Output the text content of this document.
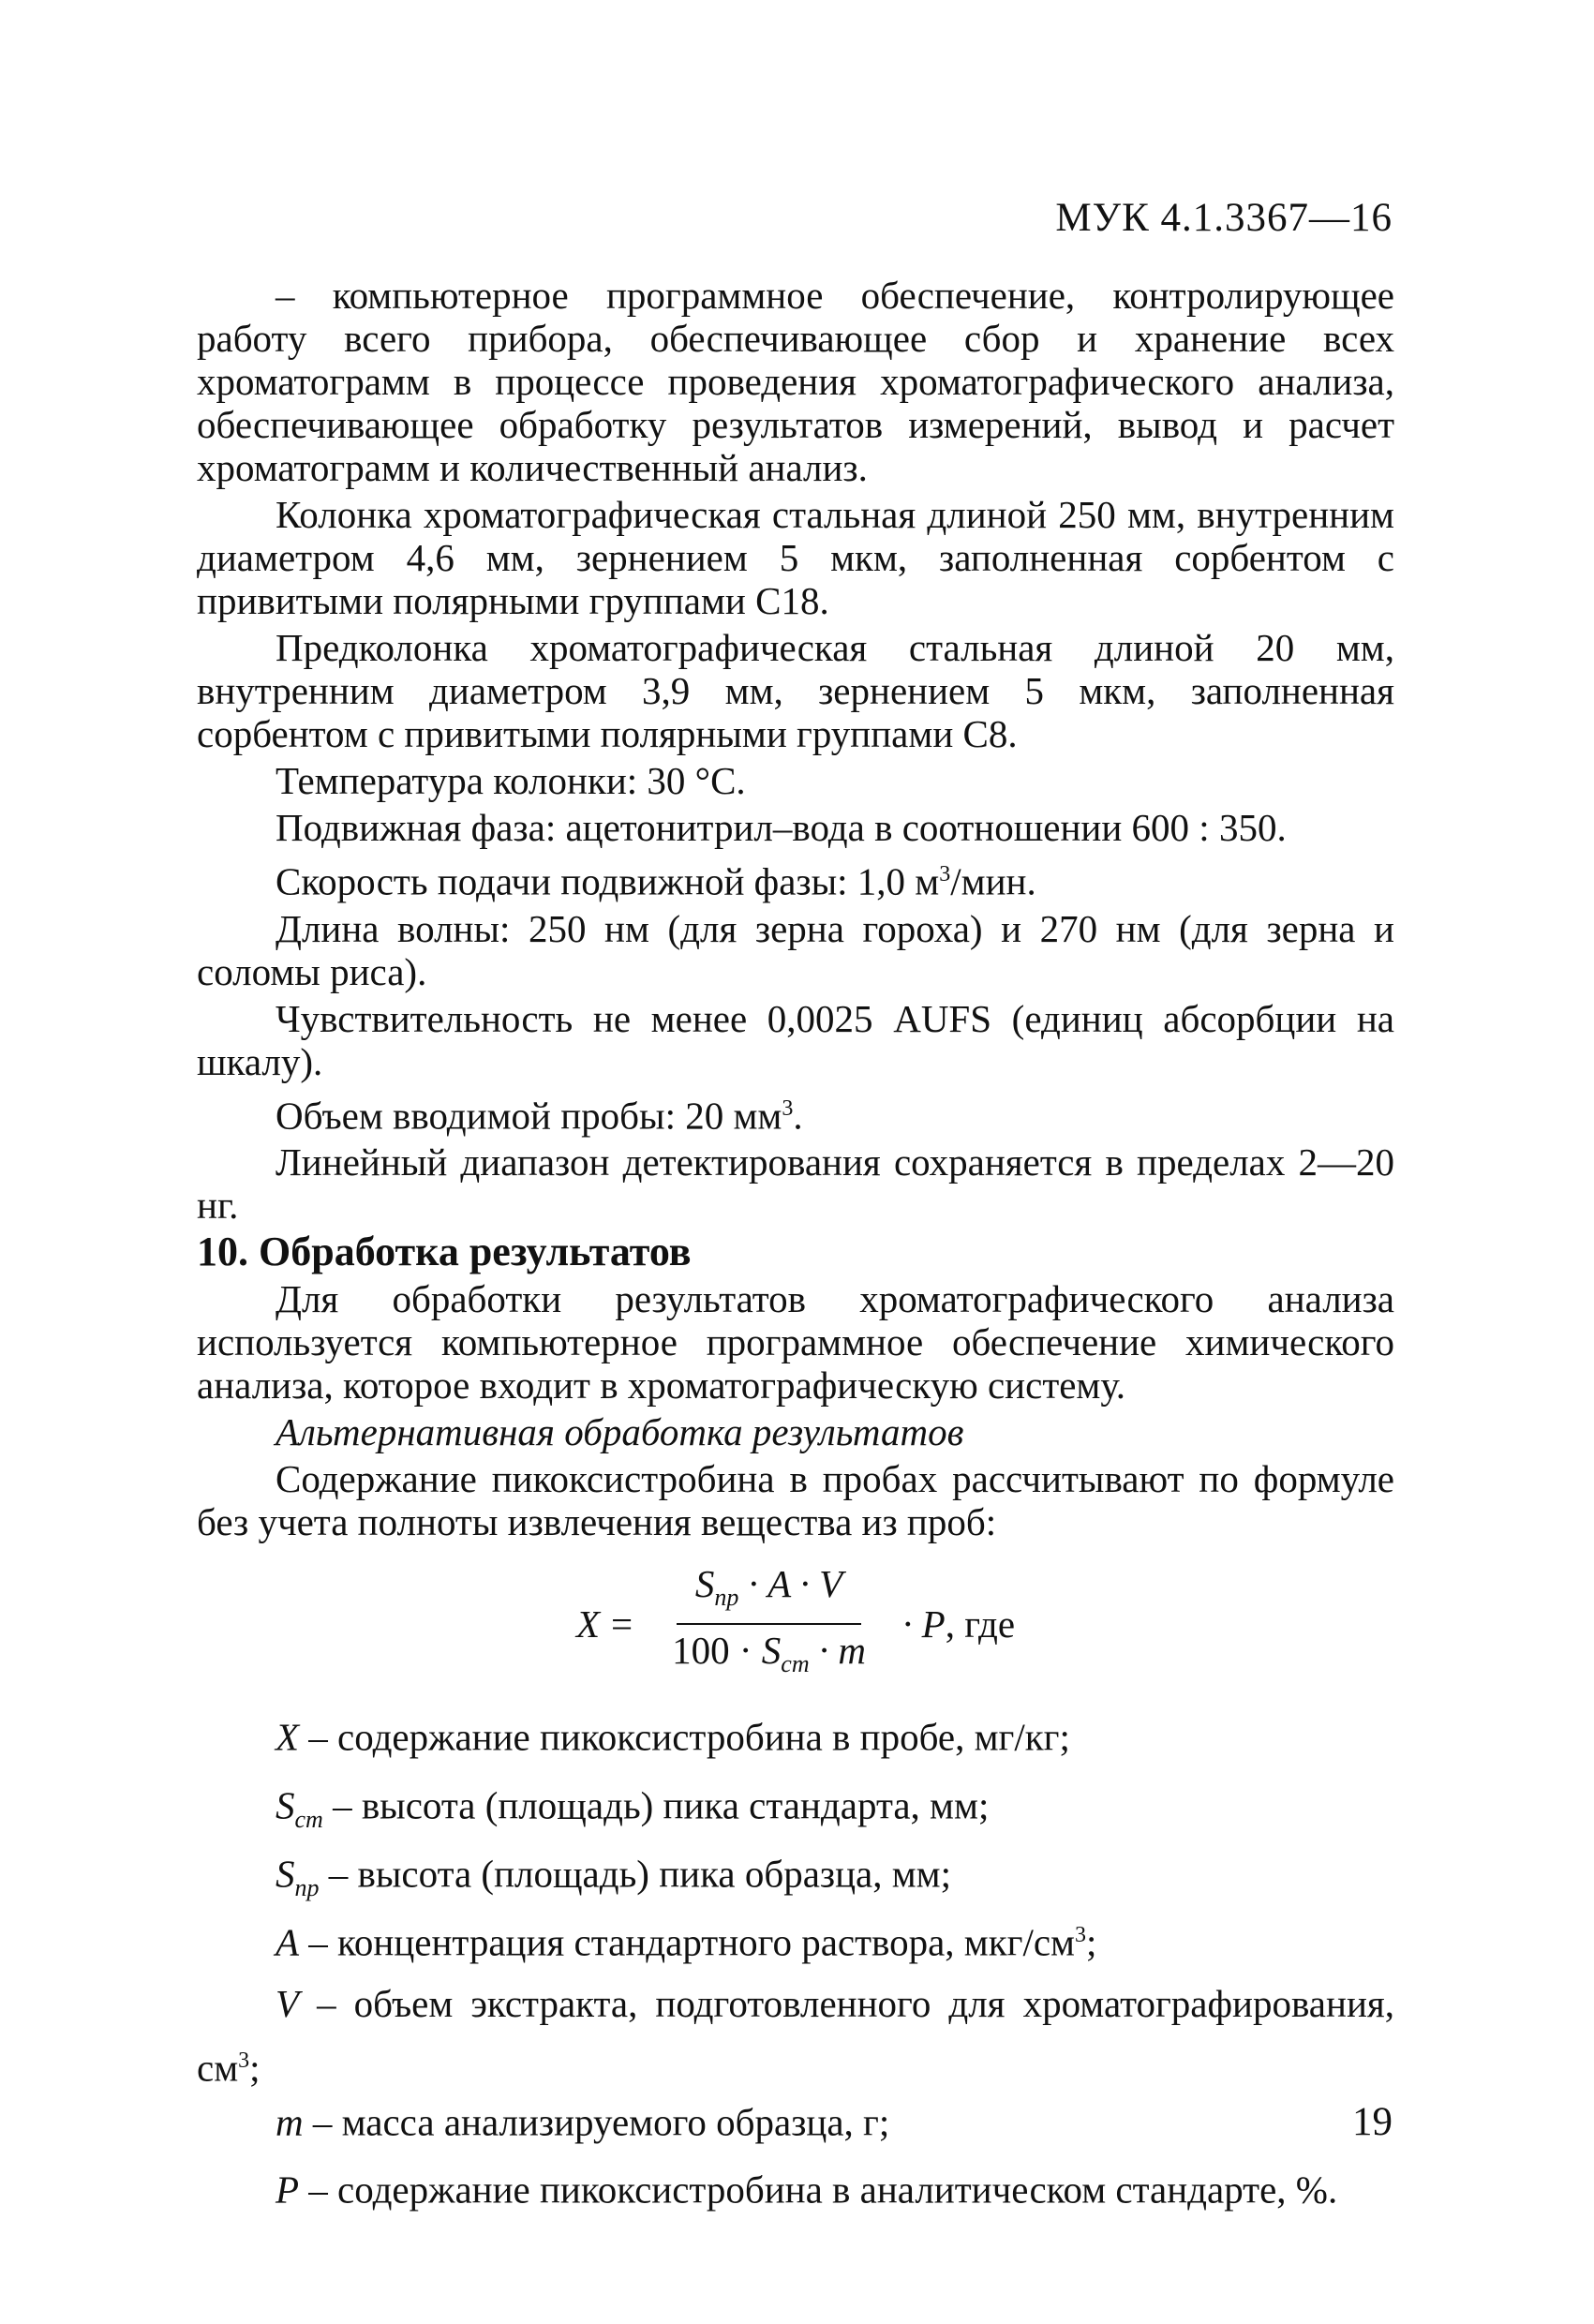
МУК 4.1.3367—16

– компьютерное программное обеспечение, контролирующее работу всего прибора, обеспечивающее сбор и хранение всех хроматограмм в процессе проведения хроматографического анализа, обеспечивающее обработку результатов измерений, вывод и расчет хроматограмм и количественный анализ.

Колонка хроматографическая стальная длиной 250 мм, внутренним диаметром 4,6 мм, зернением 5 мкм, заполненная сорбентом с привитыми полярными группами C18.

Предколонка хроматографическая стальная длиной 20 мм, внутренним диаметром 3,9 мм, зернением 5 мкм, заполненная сорбентом с привитыми полярными группами C8.

Температура колонки: 30 °С.

Подвижная фаза: ацетонитрил–вода в соотношении 600 : 350.

Скорость подачи подвижной фазы: 1,0 $м^3$/мин.

Длина волны: 250 нм (для зерна гороха) и 270 нм (для зерна и соломы риса).

Чувствительность не менее 0,0025 AUFS (единиц абсорбции на шкалу).

Объем вводимой пробы: 20 $мм^3$.

Линейный диапазон детектирования сохраняется в пределах 2—20 нг.

10. Обработка результатов

Для обработки результатов хроматографического анализа используется компьютерное программное обеспечение химического анализа, которое входит в хроматографическую систему.

Альтернативная обработка результатов

Содержание пикоксистробина в пробах рассчитывают по формуле без учета полноты извлечения вещества из проб:

$X = \frac{S_{пр} \cdot A \cdot V}{100 \cdot S_{ст} \cdot m} \cdot P$ , где

X – содержание пикоксистробина в пробе, мг/кг;

$S_{ст}$ – высота (площадь) пика стандарта, мм;

$S_{пр}$ – высота (площадь) пика образца, мм;

A – концентрация стандартного раствора, мкг/$см^3$;

V – объем экстракта, подготовленного для хроматографирования, $см^3$;

m – масса анализируемого образца, г;

P – содержание пикоксистробина в аналитическом стандарте, %.

19
